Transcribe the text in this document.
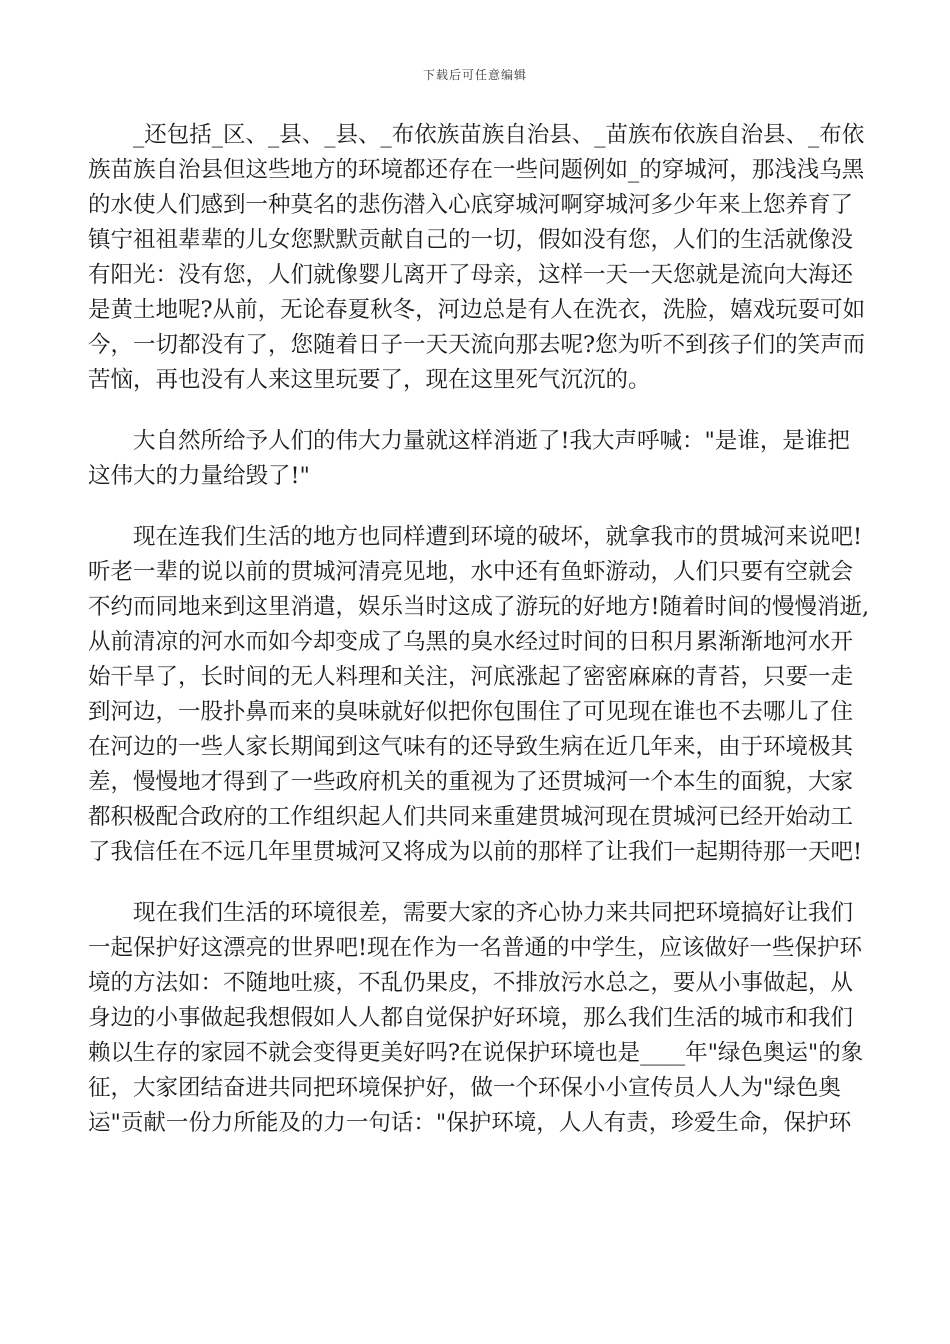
下载后可任意编辑
_还包括_区、_县、_县、_布依族苗族自治县、_苗族布依族自治县、_布依
族苗族自治县但这些地方的环境都还存在一些问题例如_的穿城河，那浅浅乌黑
的水使人们感到一种莫名的悲伤潜入心底穿城河啊穿城河多少年来上您养育了
镇宁祖祖辈辈的儿女您默默贡献自己的一切，假如没有您，人们的生活就像没
有阳光：没有您，人们就像婴儿离开了母亲，这样一天一天您就是流向大海还
是黄土地呢?从前，无论春夏秋冬，河边总是有人在洗衣，洗脸，嬉戏玩耍可如
今，一切都没有了，您随着日子一天天流向那去呢?您为听不到孩子们的笑声而
苦恼，再也没有人来这里玩要了，现在这里死气沉沉的。
大自然所给予人们的伟大力量就这样消逝了!我大声呼喊："是谁，是谁把
这伟大的力量给毁了!"
现在连我们生活的地方也同样遭到环境的破坏，就拿我市的贯城河来说吧!
听老一辈的说以前的贯城河清亮见地，水中还有鱼虾游动，人们只要有空就会
不约而同地来到这里消遣，娱乐当时这成了游玩的好地方!随着时间的慢慢消逝,
从前清凉的河水而如今却变成了乌黑的臭水经过时间的日积月累渐渐地河水开
始干旱了，长时间的无人料理和关注，河底涨起了密密麻麻的青苔，只要一走
到河边，一股扑鼻而来的臭味就好似把你包围住了可见现在谁也不去哪儿了住
在河边的一些人家长期闻到这气味有的还导致生病在近几年来，由于环境极其
差，慢慢地才得到了一些政府机关的重视为了还贯城河一个本生的面貌，大家
都积极配合政府的工作组织起人们共同来重建贯城河现在贯城河已经开始动工
了我信任在不远几年里贯城河又将成为以前的那样了让我们一起期待那一天吧!
现在我们生活的环境很差，需要大家的齐心协力来共同把环境搞好让我们
一起保护好这漂亮的世界吧!现在作为一名普通的中学生，应该做好一些保护环
境的方法如：不随地吐痰，不乱仍果皮，不排放污水总之，要从小事做起，从
身边的小事做起我想假如人人都自觉保护好环境，那么我们生活的城市和我们
赖以生存的家园不就会变得更美好吗?在说保护环境也是____年"绿色奥运"的象
征，大家团结奋进共同把环境保护好，做一个环保小小宣传员人人为"绿色奥
运"贡献一份力所能及的力一句话："保护环境，人人有责，珍爱生命，保护环
